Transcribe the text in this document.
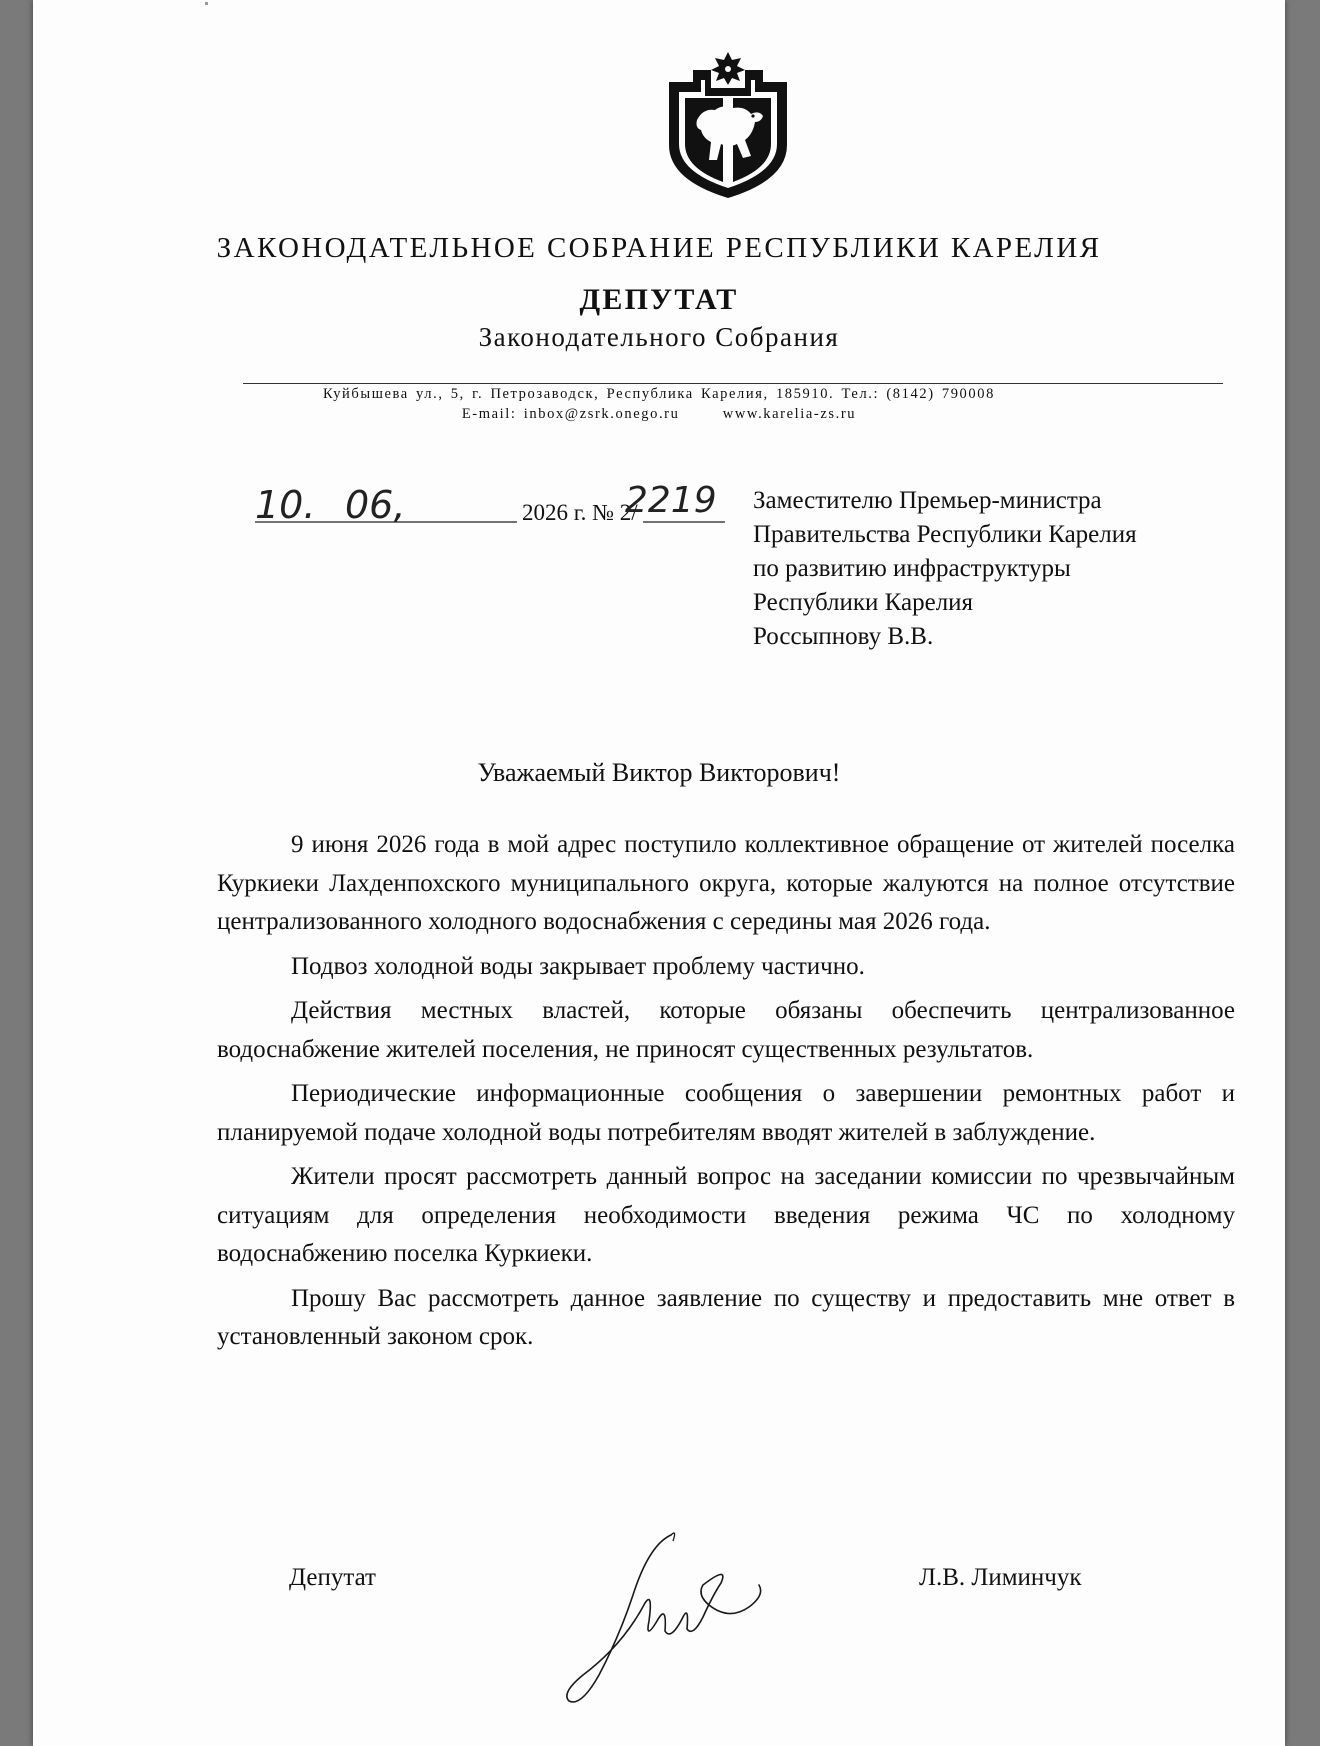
ЗАКОНОДАТЕЛЬНОЕ СОБРАНИЕ РЕСПУБЛИКИ КАРЕЛИЯ
ДЕПУТАТ
Законодательного Собрания
Куйбышева ул., 5, г. Петрозаводск, Республика Карелия, 185910. Тел.: (8142) 790008
E-mail: inbox@zsrk.onego.ru      www.karelia-zs.ru
10. 06,	2026 г. № 2/
2219 Заместителю Премьер-министра
Правительства Республики Карелия
по развитию инфраструктуры
Республики Карелия
Россыпнову В.В.
Уважаемый Виктор Викторович!

9 июня 2026 года в мой адрес поступило коллективное обращение от жителей поселка Куркиеки Лахденпохского муниципального округа, которые жалуются на полное отсутствие централизованного холодного водоснабжения с середины мая 2026 года.

Подвоз холодной воды закрывает проблему частично.

Действия местных властей, которые обязаны обеспечить централизованное водоснабжение жителей поселения, не приносят существенных результатов.

Периодические информационные сообщения о завершении ремонтных работ и планируемой подаче холодной воды потребителям вводят жителей в заблуждение.

Жители просят рассмотреть данный вопрос на заседании комиссии по чрезвычайным ситуациям для определения необходимости введения режима ЧС по холодному водоснабжению поселка Куркиеки.

Прошу Вас рассмотреть данное заявление по существу и предоставить мне ответ в установленный законом срок.

Депутат	Л.В. Лиминчук
